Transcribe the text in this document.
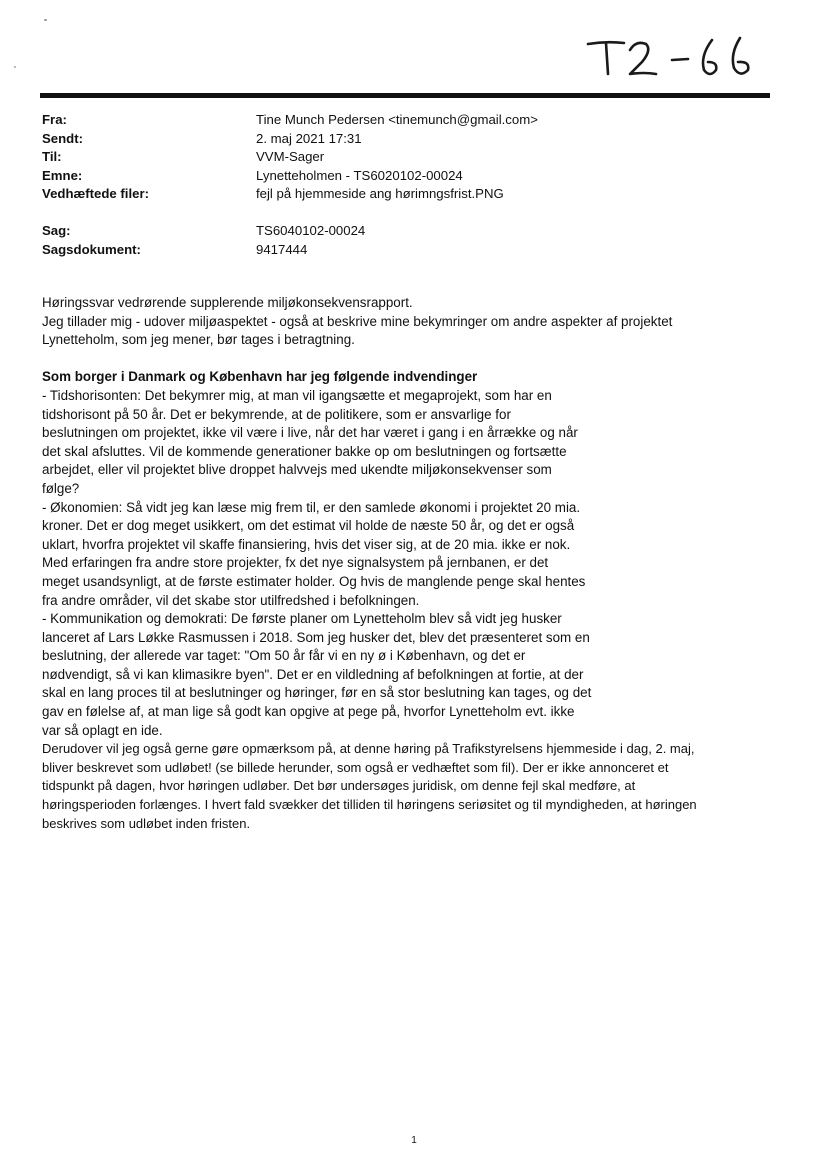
Fra:	Tine Munch Pedersen <tinemunch@gmail.com>
Sendt:	2. maj 2021 17:31
Til:	VVM-Sager
Emne:	Lynetteholmen - TS6020102-00024
Vedhæftede filer:	fejl på hjemmeside ang hørimngsfrist.PNG
Sag:	TS6040102-00024
Sagsdokument:	9417444

Høringssvar vedrørende supplerende miljøkonsekvensrapport.
Jeg tillader mig - udover miljøaspektet - også at beskrive mine bekymringer om andre aspekter af projektet
Lynetteholm, som jeg mener, bør tages i betragtning.

Som borger i Danmark og København har jeg følgende indvendinger

- Tidshorisonten: Det bekymrer mig, at man vil igangsætte et megaprojekt, som har en
tidshorisont på 50 år. Det er bekymrende, at de politikere, som er ansvarlige for
beslutningen om projektet, ikke vil være i live, når det har været i gang i en årrække og når
det skal afsluttes. Vil de kommende generationer bakke op om beslutningen og fortsætte
arbejdet, eller vil projektet blive droppet halvvejs med ukendte miljøkonsekvenser som
følge?

- Økonomien: Så vidt jeg kan læse mig frem til, er den samlede økonomi i projektet 20 mia.
kroner. Det er dog meget usikkert, om det estimat vil holde de næste 50 år, og det er også
uklart, hvorfra projektet vil skaffe finansiering, hvis det viser sig, at de 20 mia. ikke er nok.
Med erfaringen fra andre store projekter, fx det nye signalsystem på jernbanen, er det
meget usandsynligt, at de første estimater holder. Og hvis de manglende penge skal hentes
fra andre områder, vil det skabe stor utilfredshed i befolkningen.

- Kommunikation og demokrati: De første planer om Lynetteholm blev så vidt jeg husker
lanceret af Lars Løkke Rasmussen i 2018. Som jeg husker det, blev det præsenteret som en
beslutning, der allerede var taget: "Om 50 år får vi en ny ø i København, og det er
nødvendigt, så vi kan klimasikre byen". Det er en vildledning af befolkningen at fortie, at der
skal en lang proces til at beslutninger og høringer, før en så stor beslutning kan tages, og det
gav en følelse af, at man lige så godt kan opgive at pege på, hvorfor Lynetteholm evt. ikke
var så oplagt en ide.

Derudover vil jeg også gerne gøre opmærksom på, at denne høring på Trafikstyrelsens hjemmeside i dag, 2. maj,
bliver beskrevet som udløbet! (se billede herunder, som også er vedhæftet som fil). Der er ikke annonceret et
tidspunkt på dagen, hvor høringen udløber. Det bør undersøges juridisk, om denne fejl skal medføre, at
høringsperioden forlænges. I hvert fald svækker det tilliden til høringens seriøsitet og til myndigheden, at høringen
beskrives som udløbet inden fristen.

1
